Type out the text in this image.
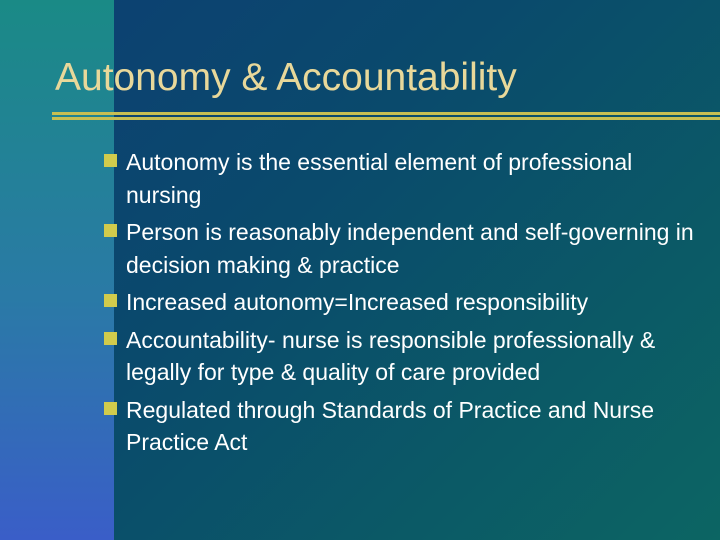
Autonomy & Accountability
Autonomy is the essential element of professional nursing
Person is reasonably independent and self-governing in decision making & practice
Increased autonomy=Increased responsibility
Accountability- nurse is responsible professionally & legally for type & quality of care provided
Regulated through Standards of Practice and Nurse Practice Act
